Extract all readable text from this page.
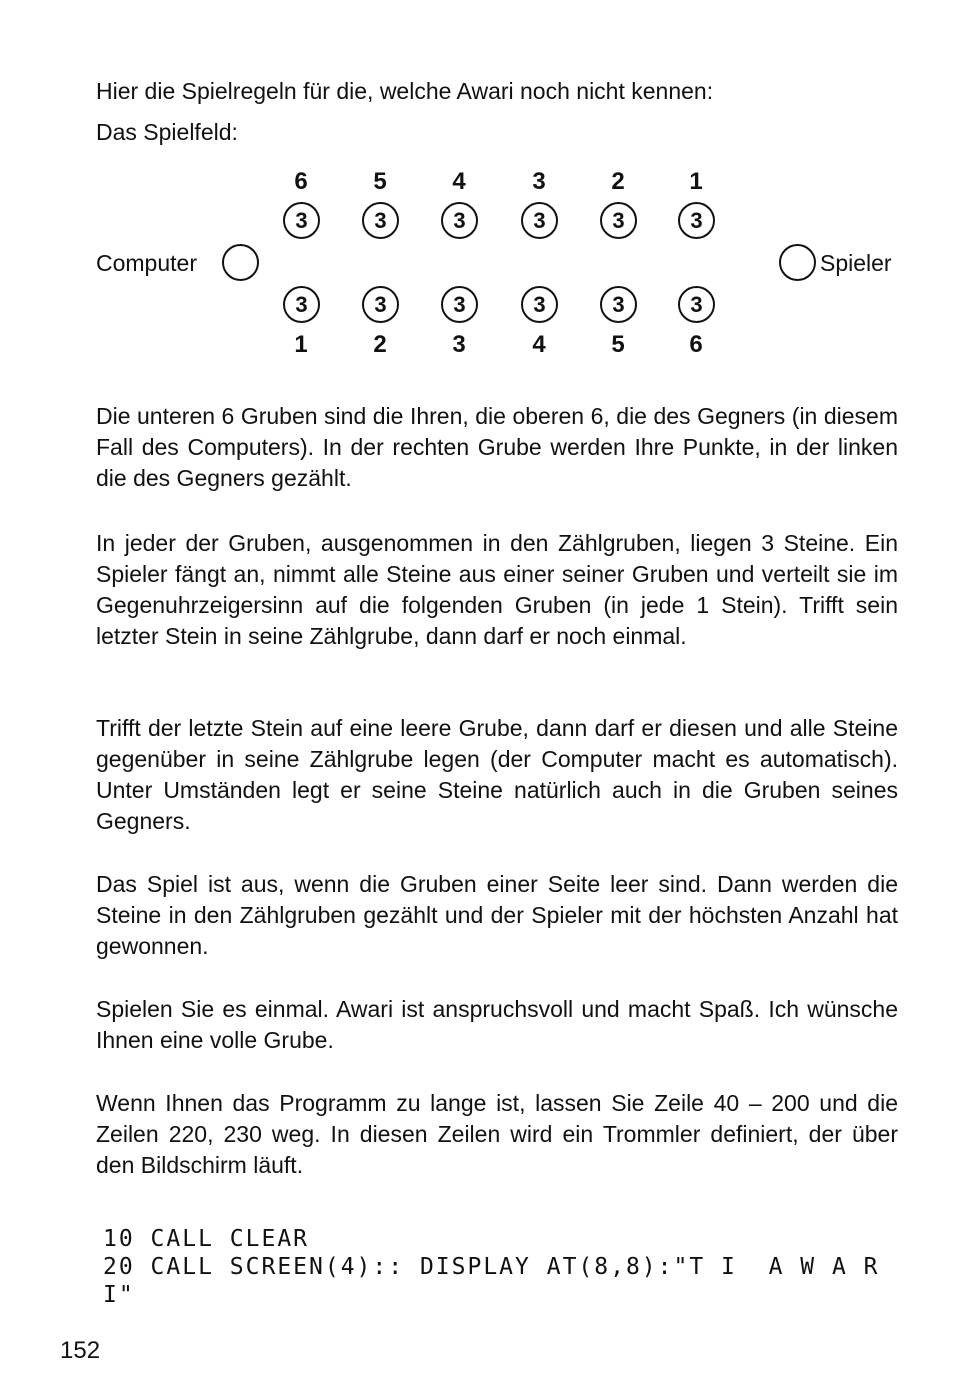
Hier die Spielregeln für die, welche Awari noch nicht kennen:
Das Spielfeld:
6	5	4	3	2	1
3	3	3	3	3	3
Computer	Spieler
3	3	3	3	3	3
1	2	3	4	5	6

Die unteren 6 Gruben sind die Ihren, die oberen 6, die des Gegners (in diesem Fall des Computers). In der rechten Grube werden Ihre Punkte, in der linken die des Gegners gezählt.

In jeder der Gruben, ausgenommen in den Zählgruben, liegen 3 Steine. Ein Spieler fängt an, nimmt alle Steine aus einer seiner Gruben und verteilt sie im Gegenuhrzeigersinn auf die folgenden Gruben (in jede 1 Stein). Trifft sein letzter Stein in seine Zählgrube, dann darf er noch einmal.

Trifft der letzte Stein auf eine leere Grube, dann darf er diesen und alle Steine gegenüber in seine Zählgrube legen (der Computer macht es automatisch). Unter Umständen legt er seine Steine natürlich auch in die Gruben seines Gegners.

Das Spiel ist aus, wenn die Gruben einer Seite leer sind. Dann werden die Steine in den Zählgruben gezählt und der Spieler mit der höchsten Anzahl hat gewonnen.

Spielen Sie es einmal. Awari ist anspruchsvoll und macht Spaß. Ich wünsche Ihnen eine volle Grube.

Wenn Ihnen das Programm zu lange ist, lassen Sie Zeile 40 – 200 und die Zeilen 220, 230 weg. In diesen Zeilen wird ein Trommler definiert, der über den Bildschirm läuft.

10 CALL CLEAR
20 CALL SCREEN(4):: DISPLAY AT(8,8):"T I  A W A R I"
152
